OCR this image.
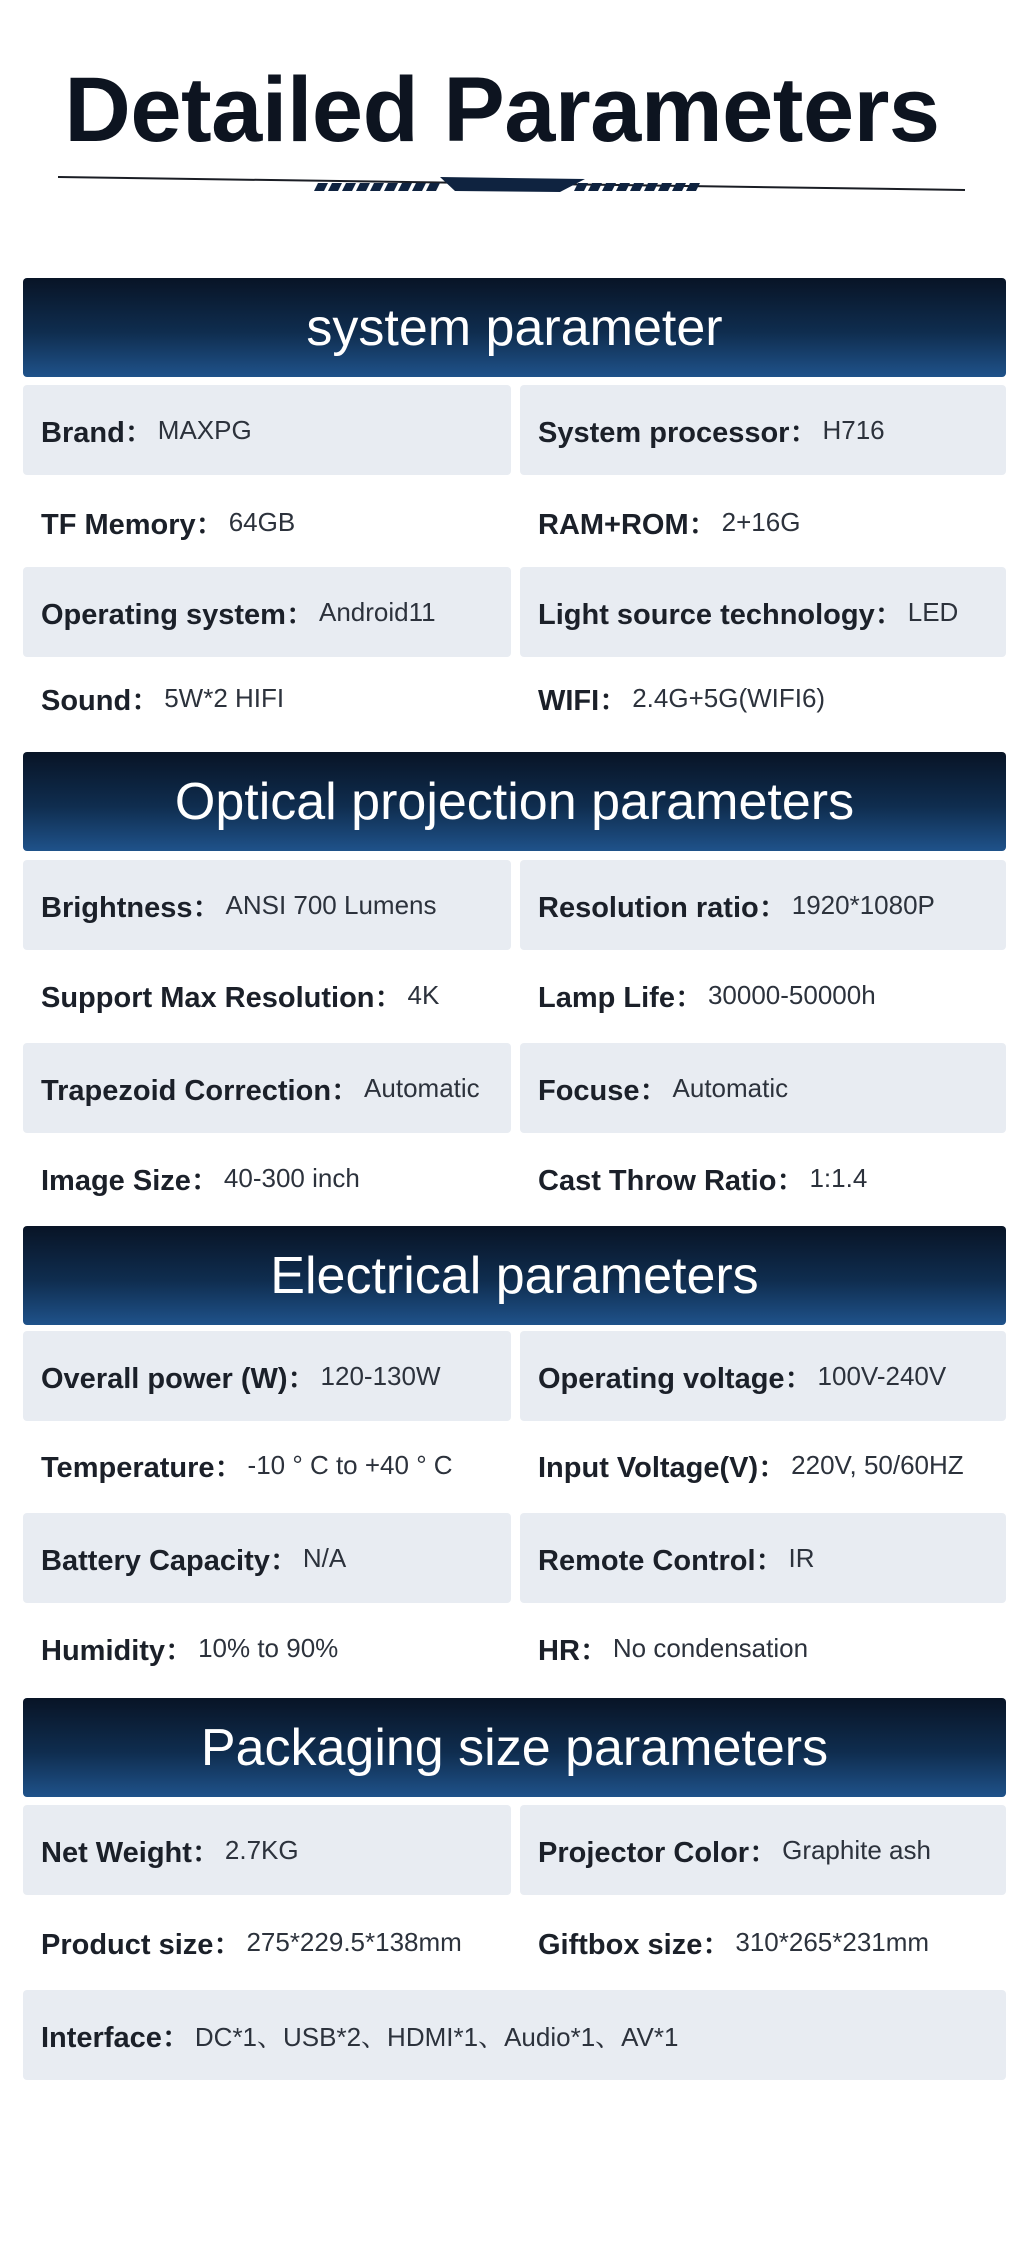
Detailed Parameters
system parameter
Brand： MAXPG	System processor： H716
TF Memory： 64GB	RAM+ROM： 2+16G
Operating system： Android11	Light source technology： LED
Sound： 5W*2 HIFI	WIFI： 2.4G+5G(WIFI6)
Optical projection parameters
Brightness： ANSI 700 Lumens	Resolution ratio： 1920*1080P
Support Max Resolution： 4K	Lamp Life： 30000-50000h
Trapezoid Correction： Automatic Focuse： Automatic
Image Size： 40-300 inch	Cast Throw Ratio： 1:1.4
Electrical parameters
Overall power (W)： 120-130W	Operating voltage： 100V-240V
Temperature： -10 ° C to +40 ° C	Input Voltage(V)： 220V, 50/60HZ
Battery Capacity： N/A	Remote Control： IR
Humidity： 10% to 90%	HR： No condensation
Packaging size parameters
Net Weight： 2.7KG	Projector Color： Graphite ash
Product size： 275*229.5*138mm	Giftbox size： 310*265*231mm
Interface： DC*1、USB*2、HDMI*1、Audio*1、AV*1
